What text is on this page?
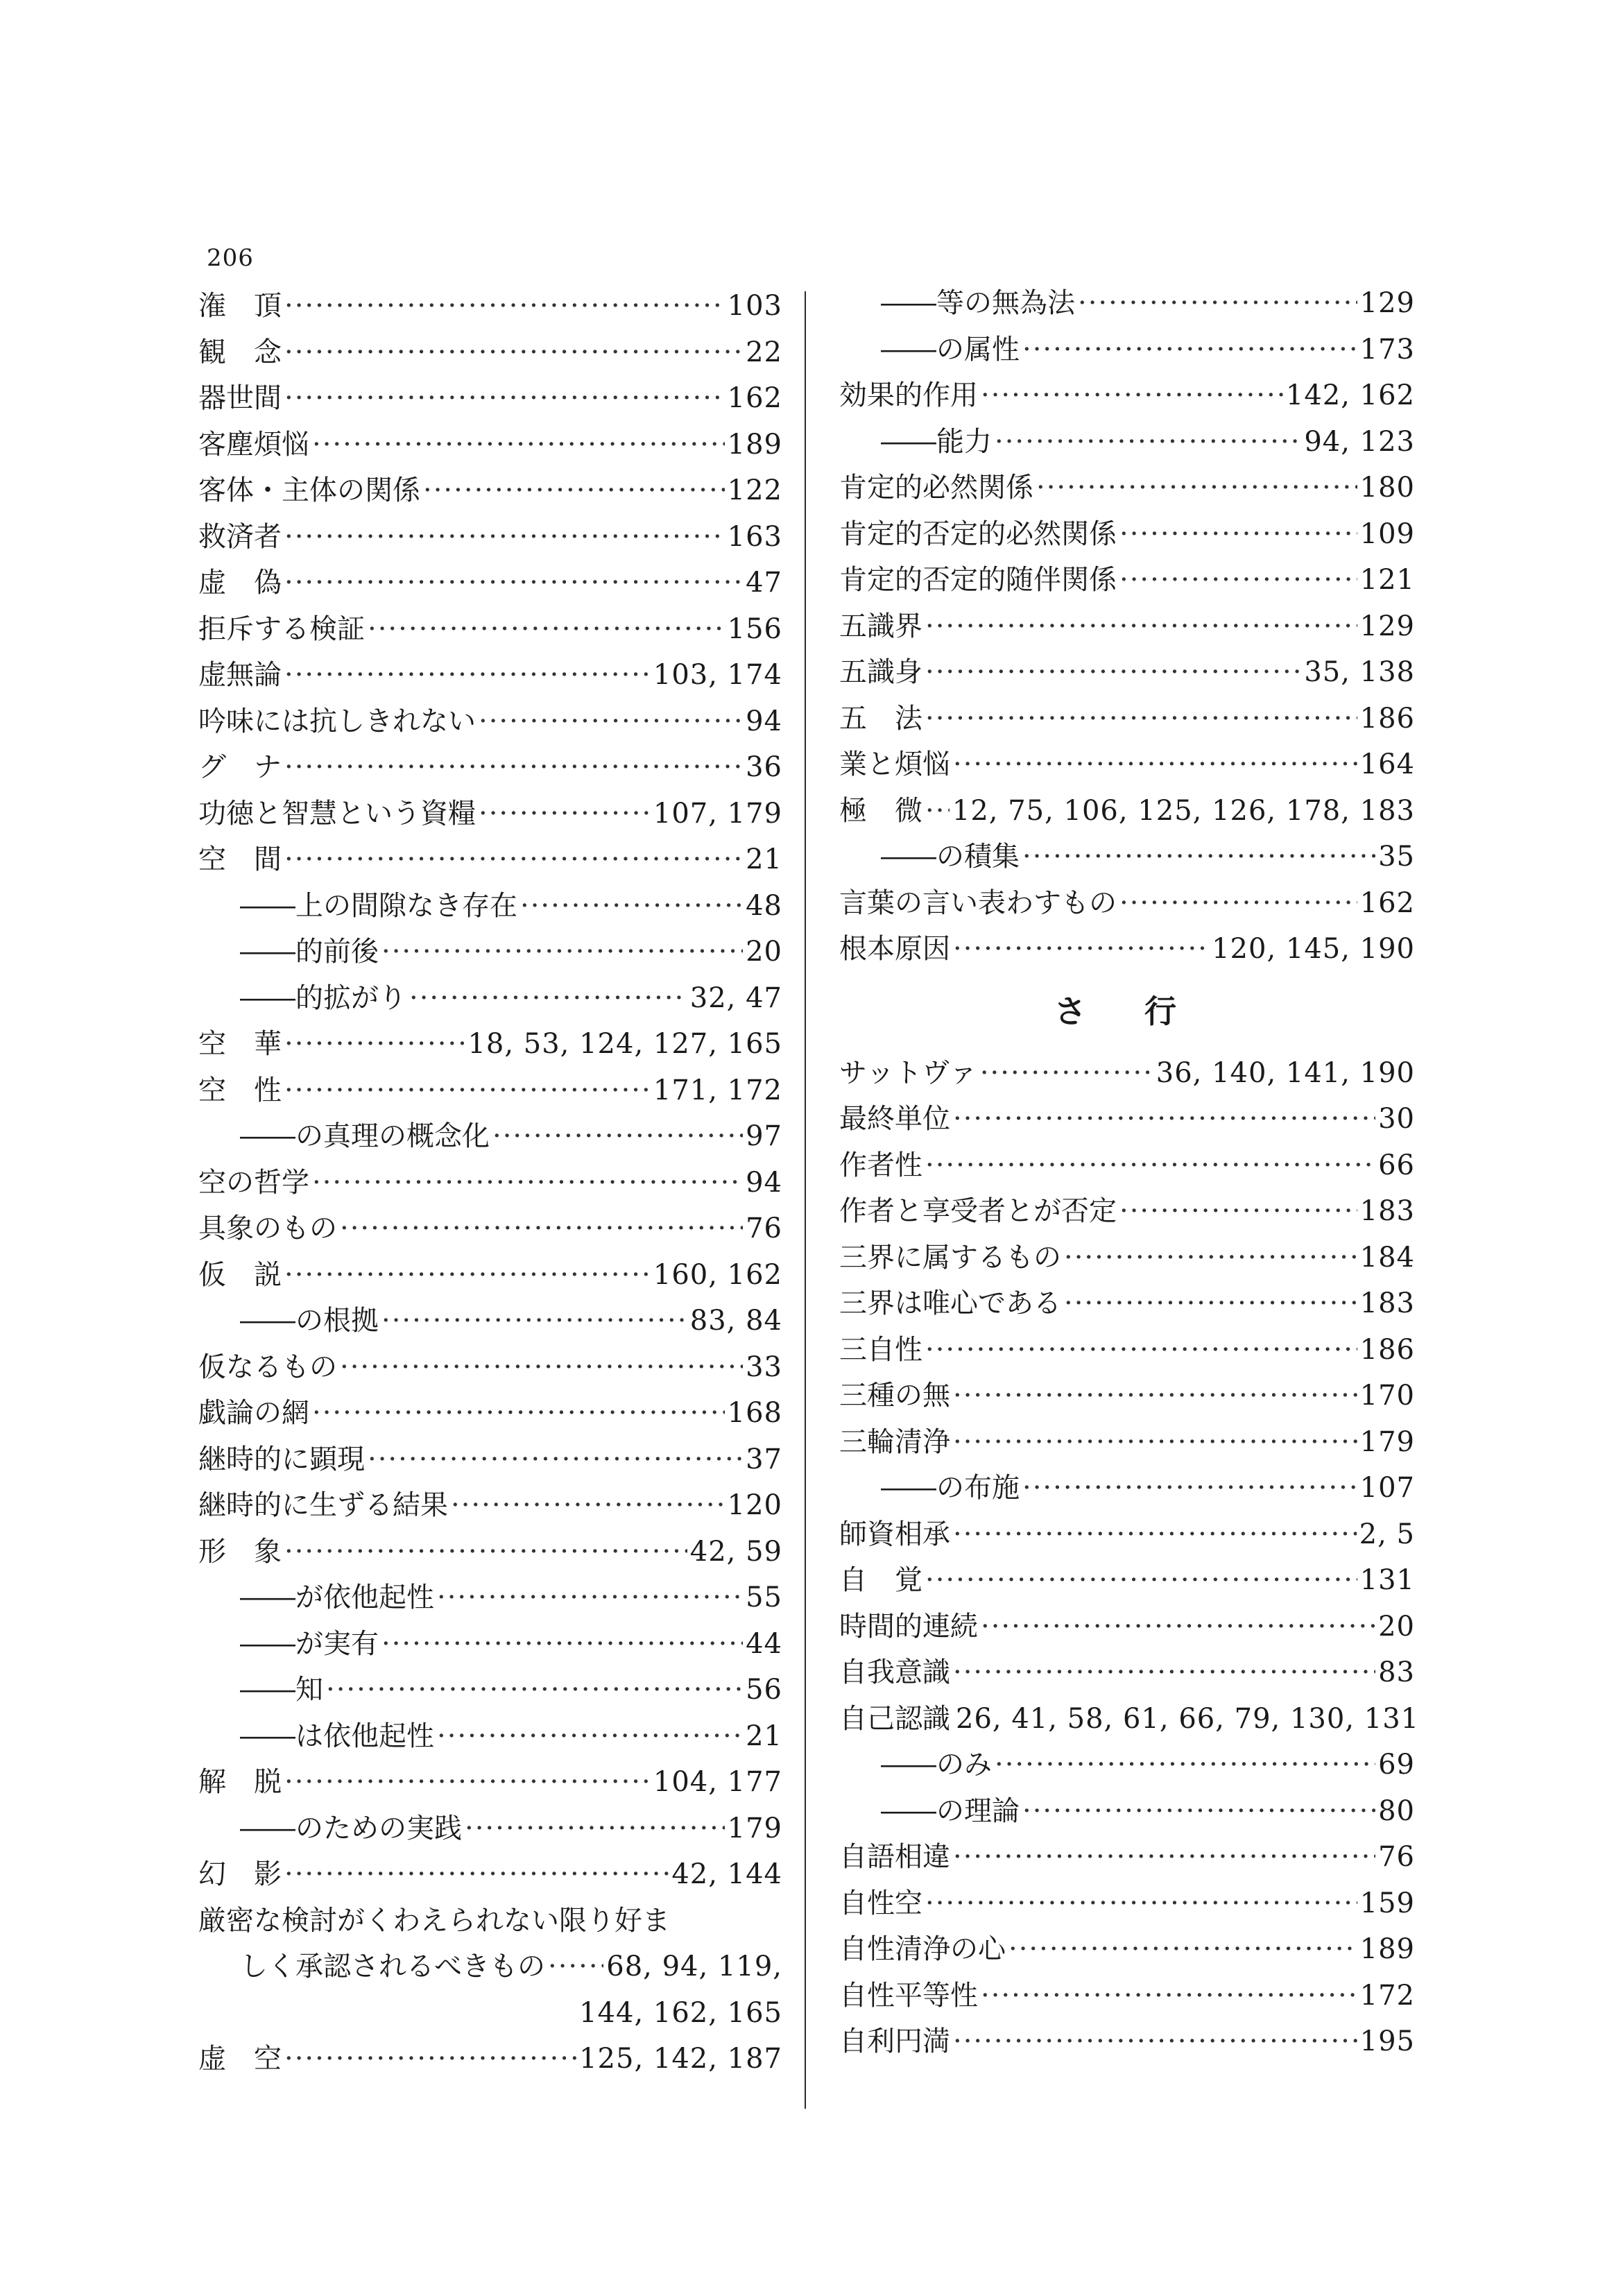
206
潅　頂 ·····	103
観　念 ·····	22
器世間 ·····	162
客塵煩悩 ·····	189
客体・主体の関係 ·····	122
救済者 ·····	163
虚　偽 ·····	47
拒斥する検証 ·····	156
虚無論 ·····	103, 174
吟味には抗しきれない ·····	94
グ　ナ ·····	36
功徳と智慧という資糧 ·····	107, 179
空　間 ·····	21
――上の間隙なき存在 ·····	48
――的前後 ·····	20
――的拡がり ·····	32, 47
空　華 ·····	18, 53, 124, 127, 165
空　性 ·····	171, 172
――の真理の概念化 ·····	97
空の哲学 ·····	94
具象のもの ·····	76
仮　説 ·····	160, 162
――の根拠 ·····	83, 84
仮なるもの ·····	33
戯論の網 ·····	168
継時的に顕現 ·····	37
継時的に生ずる結果 ·····	120
形　象 ·····	42, 59
――が依他起性 ·····	55
――が実有 ·····	44
――知 ·····	56
――は依他起性 ·····	21
解　脱 ·····	104, 177
――のための実践 ·····	179
幻　影 ·····	42, 144
厳密な検討がくわえられない限り好ま
しく承認されるべきもの ····· 68, 94, 119,
144, 162, 165
虚　空 ·····	125, 142, 187
――等の無為法 ·····	129
――の属性 ·····	173
効果的作用 ·····	142, 162
――能力 ·····	94, 123
肯定的必然関係 ·····	180
肯定的否定的必然関係 ·····	109
肯定的否定的随伴関係 ·····	121
五識界 ·····	129
五識身 ·····	35, 138
五　法 ·····	186
業と煩悩 ·····	164
極　微 ····· 12, 75, 106, 125, 126, 178, 183
――の積集 ·····	35
言葉の言い表わすもの ·····	162
根本原因 ·····	120, 145, 190
さ 行
サットヴァ ·····	36, 140, 141, 190
最終単位 ·····	30
作者性 ·····	66
作者と享受者とが否定 ·····	183
三界に属するもの ·····	184
三界は唯心である ·····	183
三自性 ·····	186
三種の無 ·····	170
三輪清浄 ·····	179
――の布施 ·····	107
師資相承 ·····	2, 5
自　覚 ·····	131
時間的連続 ·····	20
自我意識 ·····	83
自己認識 26, 41, 58, 61, 66, 79, 130, 131
――のみ ·····	69
――の理論 ·····	80
自語相違 ·····	76
自性空 ·····	159
自性清浄の心 ·····	189
自性平等性 ·····	172
自利円満 ·····	195
